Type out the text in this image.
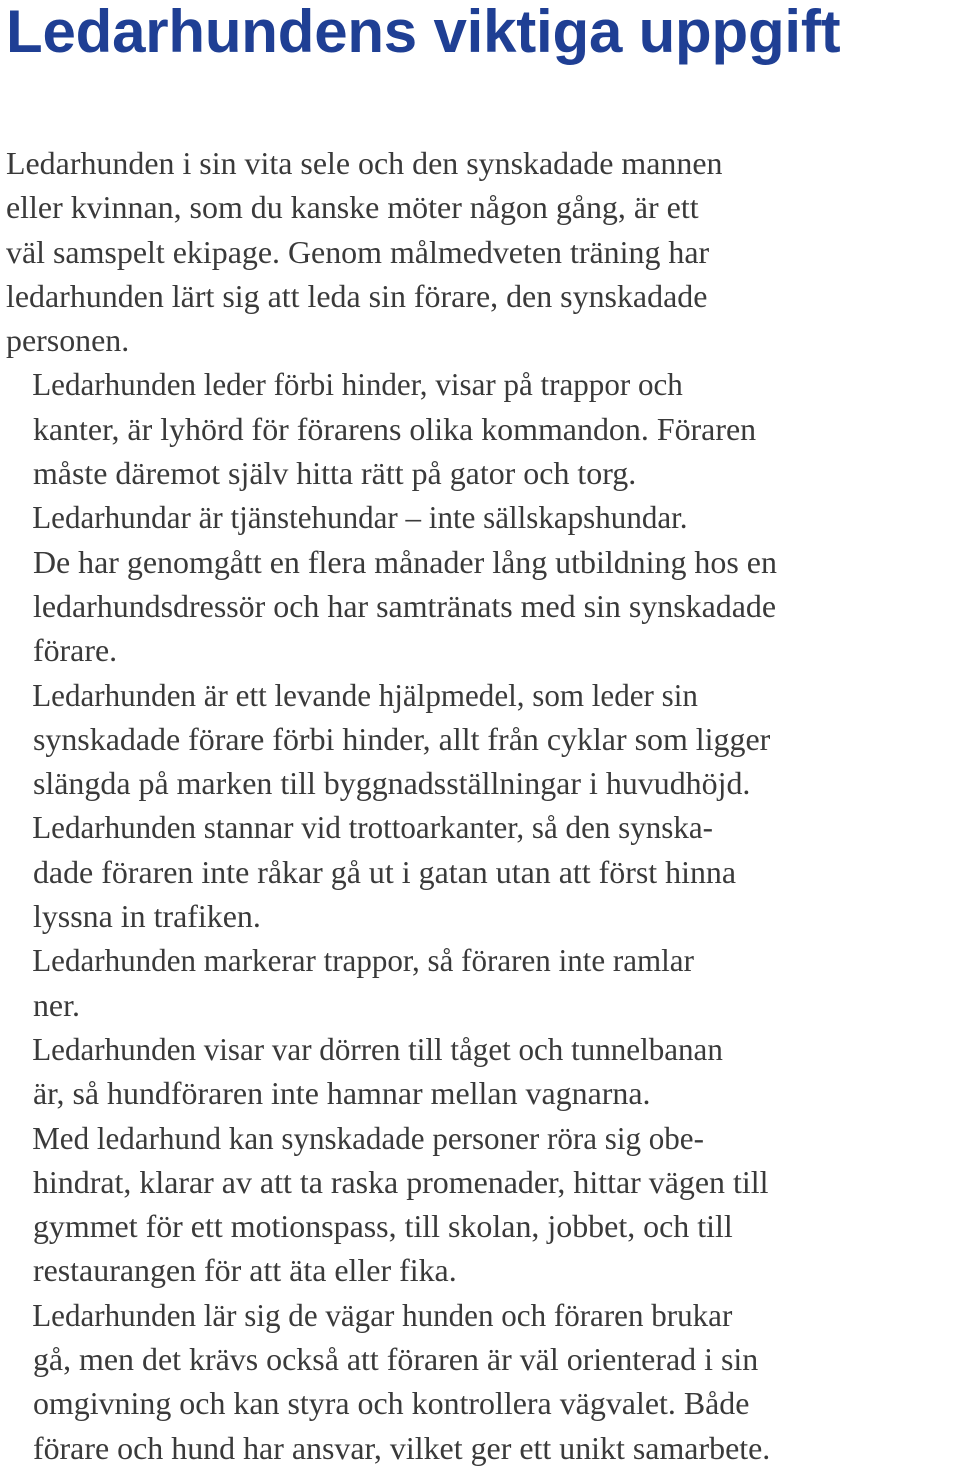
Ledarhundens viktiga uppgift

Ledarhunden i sin vita sele och den synskadade mannen
eller kvinnan, som du kanske möter någon gång, är ett
väl samspelt ekipage. Genom målmedveten träning har
ledarhunden lärt sig att leda sin förare, den synskadade
personen.

Ledarhunden leder förbi hinder, visar på trappor och
kanter, är lyhörd för förarens olika kommandon. Föraren
måste däremot själv hitta rätt på gator och torg.

Ledarhundar är tjänstehundar – inte sällskapshundar.
De har genomgått en flera månader lång utbildning hos en
ledarhundsdressör och har samtränats med sin synskadade
förare.

Ledarhunden är ett levande hjälpmedel, som leder sin
synskadade förare förbi hinder, allt från cyklar som ligger
slängda på marken till byggnadsställningar i huvudhöjd.

Ledarhunden stannar vid trottoarkanter, så den synska-
dade föraren inte råkar gå ut i gatan utan att först hinna
lyssna in trafiken.

Ledarhunden markerar trappor, så föraren inte ramlar
ner.

Ledarhunden visar var dörren till tåget och tunnelbanan
är, så hundföraren inte hamnar mellan vagnarna.

Med ledarhund kan synskadade personer röra sig obe-
hindrat, klarar av att ta raska promenader, hittar vägen till
gymmet för ett motionspass, till skolan, jobbet, och till
restaurangen för att äta eller fika.

Ledarhunden lär sig de vägar hunden och föraren brukar
gå, men det krävs också att föraren är väl orienterad i sin
omgivning och kan styra och kontrollera vägvalet. Både
förare och hund har ansvar, vilket ger ett unikt samarbete.
